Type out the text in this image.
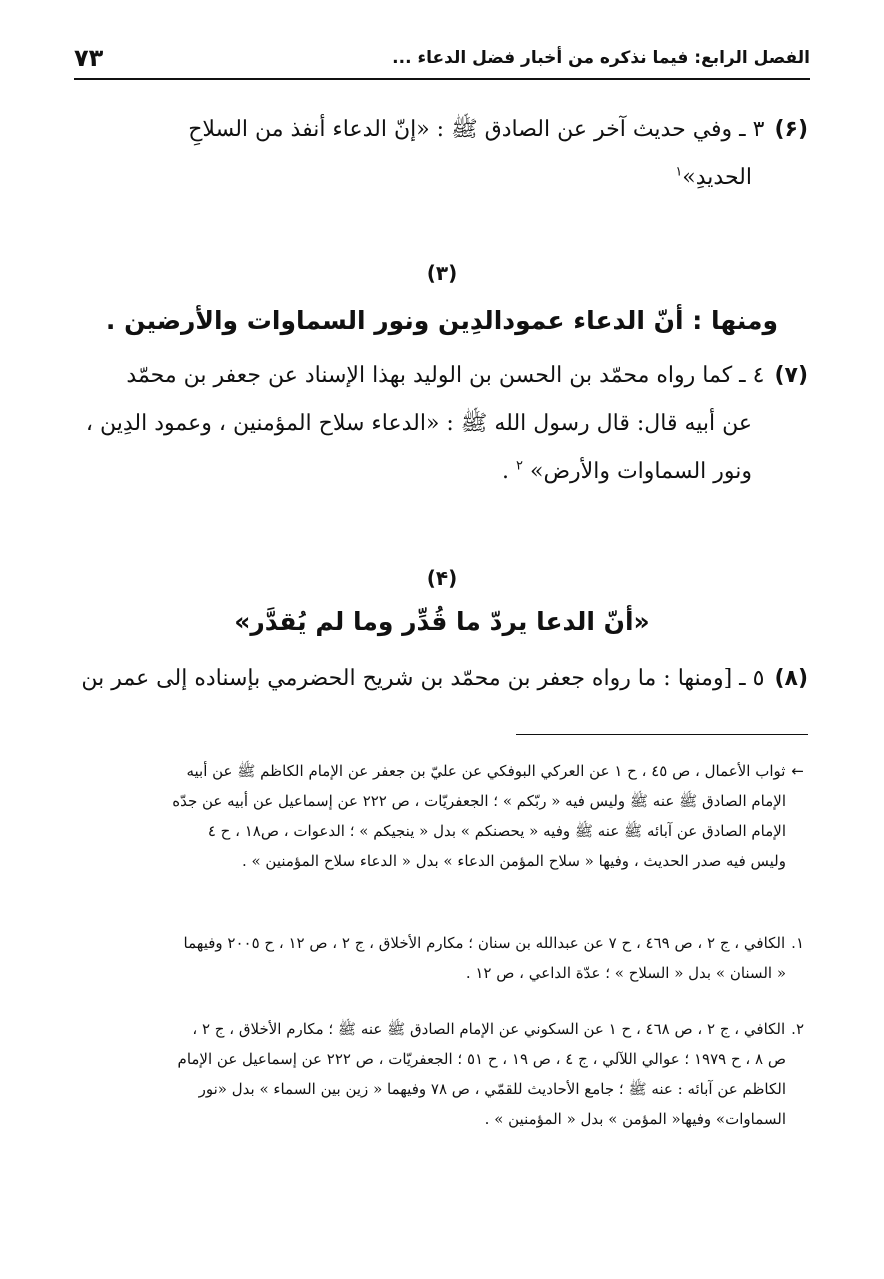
الفصل الرابع: فيما نذكره من أخبار فضل الدعاء ...
٧٣
(۶)٣ ـ وفي حديث آخر عن الصادق ﷺ : «إنّ الدعاء أنفذ من السلاحِ
الحديدِ»$^١$
(٣)
ومنها : أنّ الدعاء عمودالدِين ونور السماوات والأرضين .
(٧)٤ ـ كما رواه محمّد بن الحسن بن الوليد بهذا الإسناد عن جعفر بن محمّد
عن أبيه قال: قال رسول الله ﷺ : «الدعاء سلاح المؤمنين ، وعمود الدِين ،
ونور السماوات والأرض» $^٢$ .
(۴)
«أنّ الدعا يردّ ما قُدِّر وما لم يُقدَّر»
(٨)٥ ـ [ومنها : ما رواه جعفر بن محمّد بن شريح الحضرمي بإسناده إلى عمر بن
←ثواب الأعمال ، ص ٤٥ ، ح ١ عن العركي البوفكي عن عليّ بن جعفر عن الإمام الكاظم ﷺ عن أبيه
الإمام الصادق ﷺ عنه ﷺ وليس فيه « ربّكم » ؛ الجعفريّات ، ص ٢٢٢ عن إسماعيل عن أبيه عن جدّه
الإمام الصادق عن آبائه ﷺ عنه ﷺ وفيه « يحصنكم » بدل « ينجيكم » ؛ الدعوات ، ص١٨ ، ح ٤
وليس فيه صدر الحديث ، وفيها « سلاح المؤمن الدعاء » بدل « الدعاء سلاح المؤمنين » .
١.الكافي ، ج ٢ ، ص ٤٦٩ ، ح ٧ عن عبدالله بن سنان ؛ مكارم الأخلاق ، ج ٢ ، ص ١٢ ، ح ٢٠٠٥ وفيهما
« السنان » بدل « السلاح » ؛ عدّة الداعي ، ص ١٢ .
٢.الكافي ، ج ٢ ، ص ٤٦٨ ، ح ١ عن السكوني عن الإمام الصادق ﷺ عنه ﷺ ؛ مكارم الأخلاق ، ج ٢ ،
ص ٨ ، ح ١٩٧٩ ؛ عوالي اللآلي ، ج ٤ ، ص ١٩ ، ح ٥١ ؛ الجعفريّات ، ص ٢٢٢ عن إسماعيل عن الإمام
الكاظم عن آبائه : عنه ﷺ ؛ جامع الأحاديث للقمّي ، ص ٧٨ وفيهما « زين بين السماء » بدل «نور
السماوات» وفيها« المؤمن » بدل « المؤمنين » .
